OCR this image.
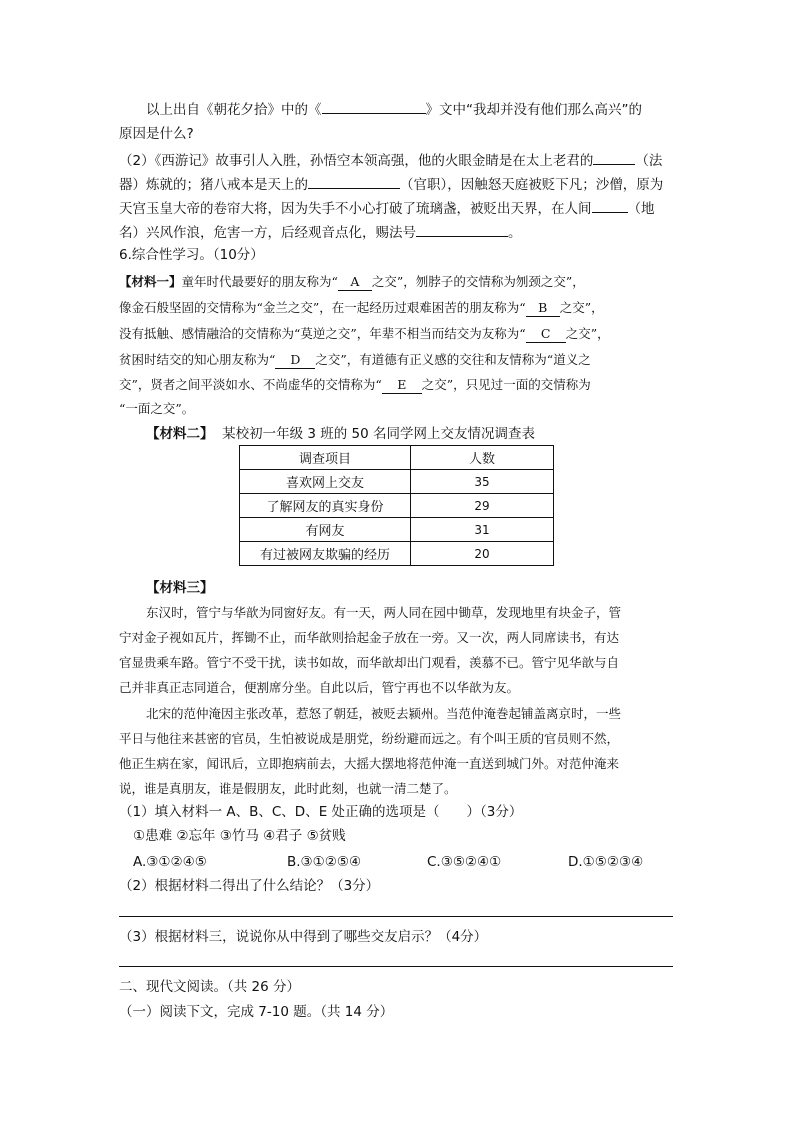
以上出自《朝花夕拾》中的《	》文中“我却并没有他们那么高兴”的
原因是什么?
（2）《西游记》故事引人入胜，孙悟空本领高强，他的火眼金睛是在太上老君的	（法
器）炼就的；猪八戒本是天上的	（官职），因触怒天庭被贬下凡；沙僧，原为
天宫玉皇大帝的卷帘大将，因为失手不小心打破了琉璃盏，被贬出天界，在人间	（地
名）兴风作浪，危害一方，后经观音点化，赐法号	。
6.综合性学习。（10分）
【材料一】童年时代最要好的朋友称为“ A 之交”，刎脖子的交情称为刎颈之交”，
像金石般坚固的交情称为“金兰之交”，在一起经历过艰难困苦的朋友称为“ B 之交”，
没有抵触、感情融洽的交情称为“莫逆之交”，年辈不相当而结交为友称为“ C 之交”，
贫困时结交的知心朋友称为“ D 之交”，有道德有正义感的交往和友情称为“道义之
交”，贤者之间平淡如水、不尚虚华的交情称为“ E 之交”，只见过一面的交情称为
“一面之交”。
【材料二】 某校初一年级 3 班的 50 名同学网上交友情况调查表
调查项目	人数
喜欢网上交友	35
了解网友的真实身份	29
有网友	31
有过被网友欺骗的经历	20
【材料三】
东汉时，管宁与华歆为同窗好友。有一天，两人同在园中锄草，发现地里有块金子，管
宁对金子视如瓦片，挥锄不止，而华歆则拾起金子放在一旁。又一次，两人同席读书，有达
官显贵乘车路。管宁不受干扰，读书如故，而华歆却出门观看，羡慕不已。管宁见华歆与自
己并非真正志同道合，便割席分坐。自此以后，管宁再也不以华歆为友。
北宋的范仲淹因主张改革，惹怒了朝廷，被贬去颍州。当范仲淹巻起铺盖离京时，一些
平日与他往来甚密的官员，生怕被说成是朋党，纷纷避而远之。有个叫王质的官员则不然，
他正生病在家，闻讯后，立即抱病前去，大摇大摆地将范仲淹一直送到城门外。对范仲淹来
说，谁是真朋友，谁是假朋友，此时此刻，也就一清二楚了。
（1）填入材料一 A、B、C、D、E 处正确的选项是（　　）（3分）
①患难 ②忘年 ③竹马 ④君子 ⑤贫贱
A.③①②④⑤	B.③①②⑤④	C.③⑤②④①	D.①⑤②③④
（2）根据材料二得出了什么结论？（3分）
（3）根据材料三，说说你从中得到了哪些交友启示？（4分）
二、现代文阅读。（共 26 分）
（一）阅读下文，完成 7-10 题。（共 14 分）
